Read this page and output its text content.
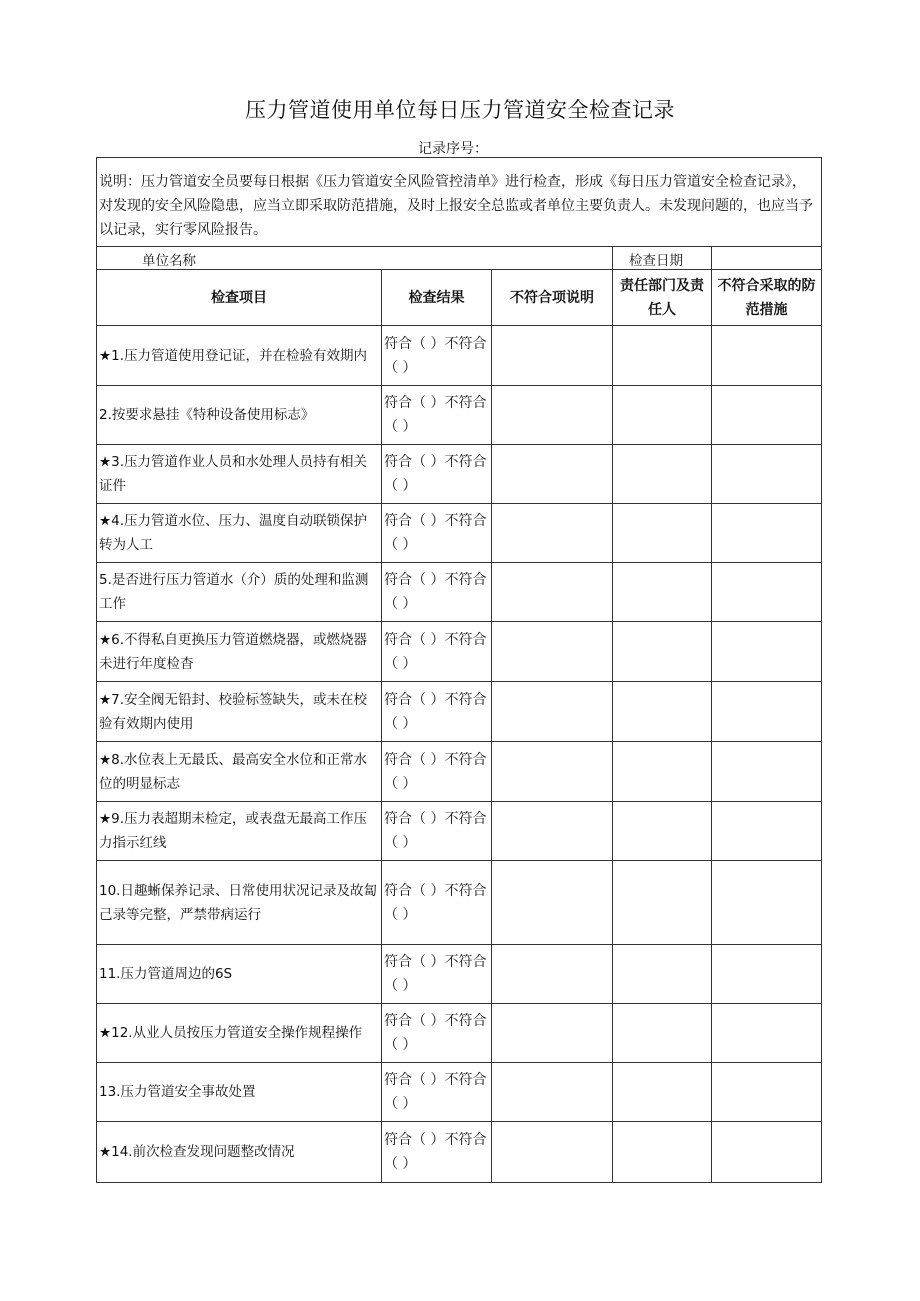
压力管道使用单位每日压力管道安全检查记录
记录序号：
说明：压力管道安全员要每日根据《压力管道安全风险管控清单》进行检查，形成《每日压力管道安全检查记录》，对发现的安全风险隐患，应当立即采取防范措施，及时上报安全总监或者单位主要负责人。未发现问题的，也应当予以记录，实行零风险报告。				
单位名称			检查日期	
检查项目	检查结果	不符合项说明	责任部门及责任人	不符合采取的防范措施
★1.压力管道使用登记证，并在检验有效期内	符合（ ）不符合（ ）			
2.按要求悬挂《特种设备使用标志》	符合（ ）不符合（ ）			
★3.压力管道作业人员和水处理人员持有相关证件	符合（ ）不符合（ ）			
★4.压力管道水位、压力、温度自动联锁保护转为人工	符合（ ）不符合（ ）			
5.是否进行压力管道水（介）质的处理和监测工作	符合（ ）不符合（ ）			
★6.不得私自更换压力管道燃烧器，或燃烧器未进行年度检杳	符合（ ）不符合（ ）			
★7.安全阀无铅封、校验标签缺失，或未在校验有效期内使用	符合（ ）不符合（ ）			
★8.水位表上无最氐、最高安全水位和正常水位的明显标志	符合（ ）不符合（ ）			
★9.压力表超期未检定，或表盘无最高工作压力指示红线	符合（ ）不符合（ ）			
10.日趣蜥保养记录、日常使用状况记录及故匐己录等完整，严禁带病运行	符合（ ）不符合（ ）			
11.压力管道周边的6S	符合（ ）不符合（ ）			
★12.从业人员按压力管道安全操作规程操作	符合（ ）不符合（ ）			
13.压力管道安全事故处置	符合（ ）不符合（ ）			
★14.前次检查发现问题整改情况	符合（ ）不符合（ ）			
